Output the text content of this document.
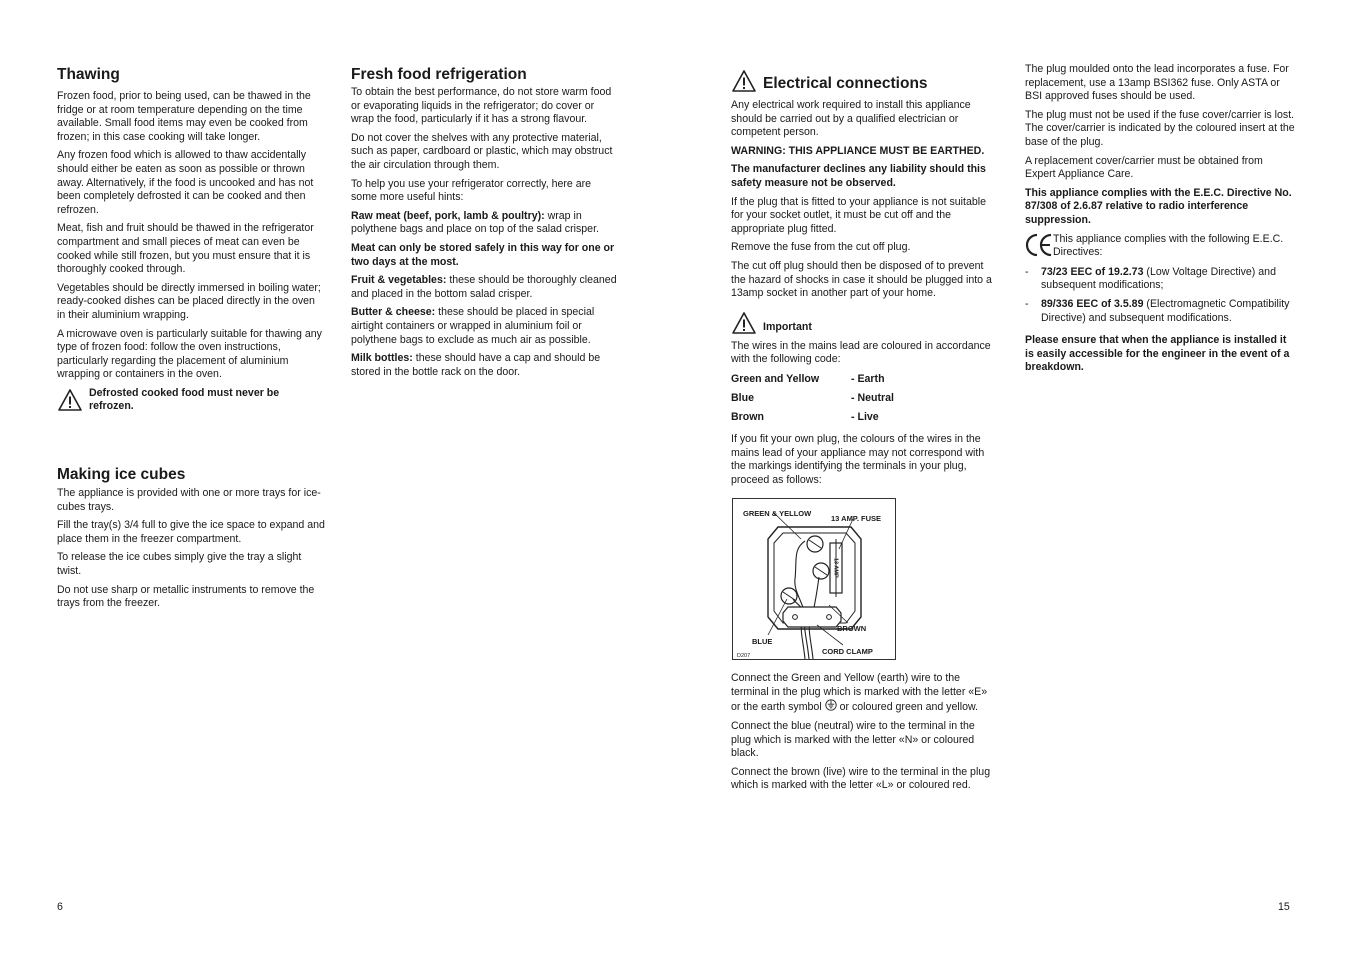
Thawing

Frozen food, prior to being used, can be thawed in the fridge or at room temperature depending on the time available. Small food items may even be cooked from frozen; in this case cooking will take longer.

Any frozen food which is allowed to thaw accidentally should either be eaten as soon as possible or thrown away. Alternatively, if the food is uncooked and has not been completely defrosted it can be cooked and then refrozen.

Meat, fish and fruit should be thawed in the refrigerator compartment and small pieces of meat can even be cooked while still frozen, but you must ensure that it is thoroughly cooked through.

Vegetables should be directly immersed in boiling water; ready-cooked dishes can be placed directly in the oven in their aluminium wrapping.

A microwave oven is particularly suitable for thawing any type of frozen food: follow the oven instructions, particularly regarding the placement of aluminium wrapping or containers in the oven.

Defrosted cooked food must never be refrozen.
Making ice cubes

The appliance is provided with one or more trays for ice-cubes trays.

Fill the tray(s) 3/4 full to give the ice space to expand and place them in the freezer compartment.

To release the ice cubes simply give the tray a slight twist.

Do not use sharp or metallic instruments to remove the trays from the freezer.

Fresh food refrigeration

To obtain the best performance, do not store warm food or evaporating liquids in the refrigerator; do cover or wrap the food, particularly if it has a strong flavour.

Do not cover the shelves with any protective material, such as paper, cardboard or plastic, which may obstruct the air circulation through them.

To help you use your refrigerator correctly, here are some more useful hints:

Raw meat (beef, pork, lamb & poultry): wrap in polythene bags and place on top of the salad crisper.

Meat can only be stored safely in this way for one or two days at the most.

Fruit & vegetables: these should be thoroughly cleaned and placed in the bottom salad crisper.

Butter & cheese: these should be placed in special airtight containers or wrapped in aluminium foil or polythene bags to exclude as much air as possible.

Milk bottles: these should have a cap and should be stored in the bottle rack on the door.

6
Electrical connections

Any electrical work required to install this appliance should be carried out by a qualified electrician or competent person.

WARNING: THIS APPLIANCE MUST BE EARTHED.

The manufacturer declines any liability should this safety measure not be observed.

If the plug that is fitted to your appliance is not suitable for your socket outlet, it must be cut off and the appropriate plug fitted.

Remove the fuse from the cut off plug.

The cut off plug should then be disposed of to prevent the hazard of shocks in case it should be plugged into a 13amp socket in another part of your home.

Important

The wires in the mains lead are coloured in accordance with the following code:

Green and Yellow	- Earth
Blue	- Neutral
Brown	- Live

If you fit your own plug, the colours of the wires in the mains lead of your appliance may not correspond with the markings identifying the terminals in your plug, proceed as follows:

GREEN & YELLOW
13 AMP. FUSE
13 AMP
BROWN
BLUE
CORD CLAMP
D207

Connect the Green and Yellow (earth) wire to the terminal in the plug which is marked with the letter «E» or the earth symbol  or coloured green and yellow.

Connect the blue (neutral) wire to the terminal in the plug which is marked with the letter «N» or coloured black.

Connect the brown (live) wire to the terminal in the plug which is marked with the letter «L» or coloured red.

The plug moulded onto the lead incorporates a fuse. For replacement, use a 13amp BSI362 fuse. Only ASTA or BSI approved fuses should be used.

The plug must not be used if the fuse cover/carrier is lost. The cover/carrier is indicated by the coloured insert at the base of the plug.

A replacement cover/carrier must be obtained from Expert Appliance Care.

This appliance complies with the E.E.C. Directive No. 87/308 of 2.6.87 relative to radio interference suppression.

This appliance complies with the following E.E.C. Directives:
-	73/23 EEC of 19.2.73 (Low Voltage Directive) and subsequent modifications;
-	89/336 EEC of 3.5.89 (Electromagnetic Compatibility Directive) and subsequent modifications.

Please ensure that when the appliance is installed it is easily accessible for the engineer in the event of a breakdown.

15
